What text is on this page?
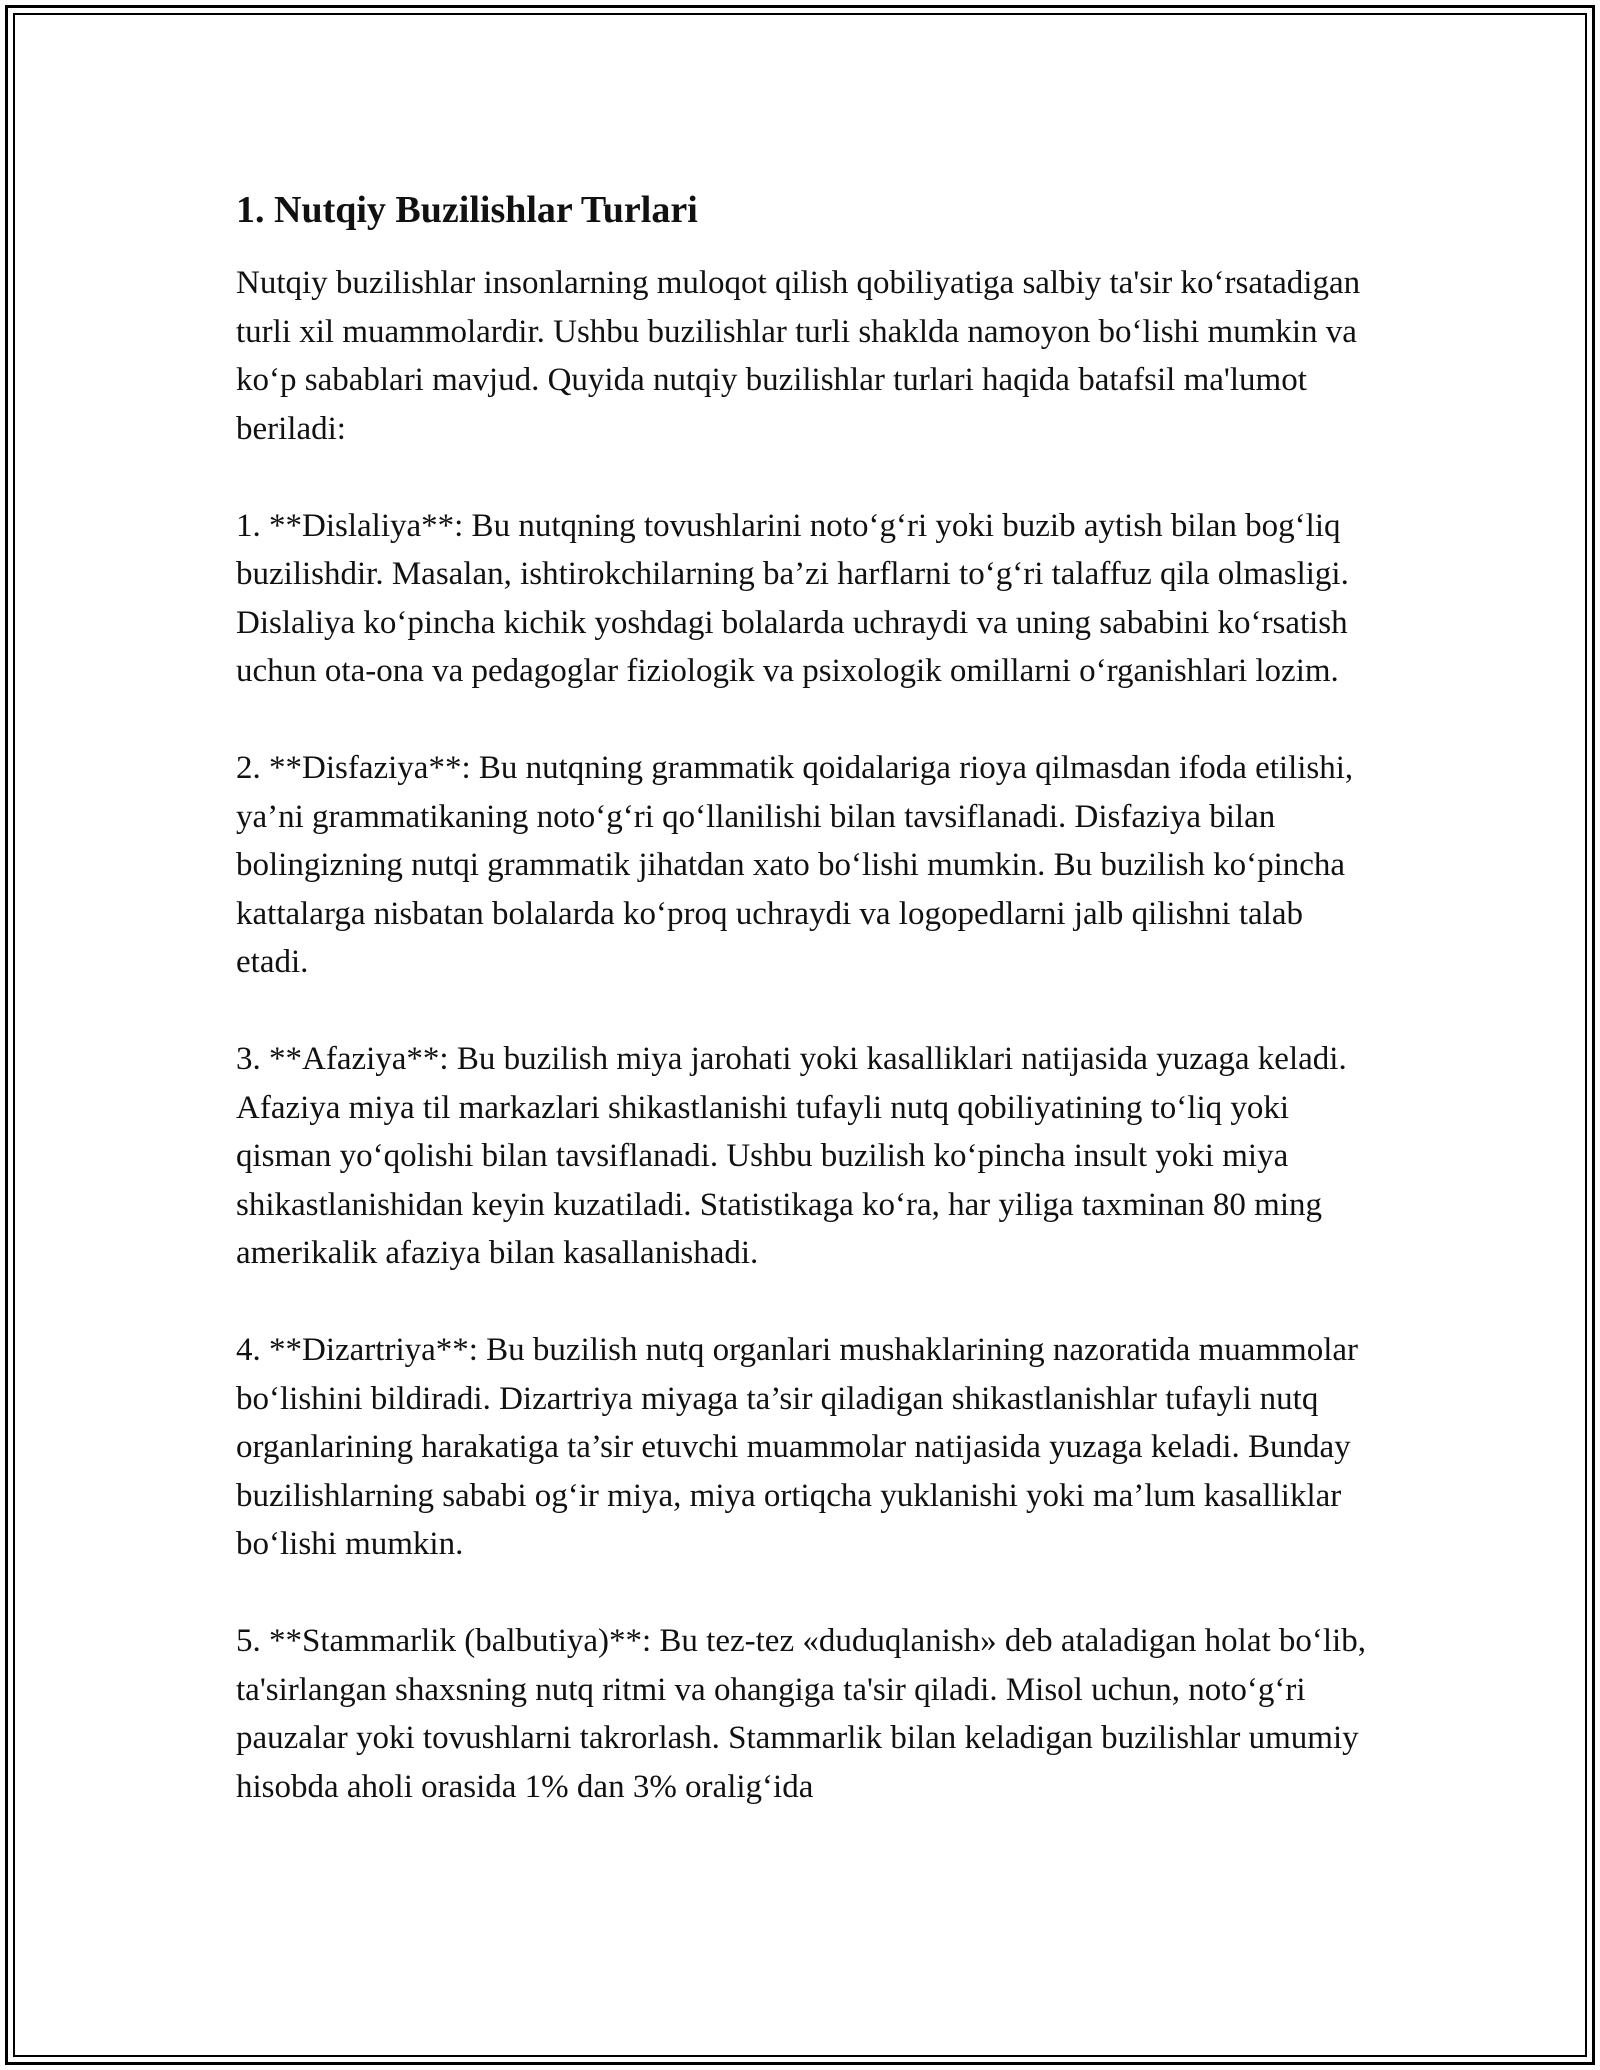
1. Nutqiy Buzilishlar Turlari

Nutqiy buzilishlar insonlarning muloqot qilish qobiliyatiga salbiy ta'sir ko‘rsatadigan turli xil muammolardir. Ushbu buzilishlar turli shaklda namoyon bo‘lishi mumkin va ko‘p sabablari mavjud. Quyida nutqiy buzilishlar turlari haqida batafsil ma'lumot beriladi:

1. **Dislaliya**: Bu nutqning tovushlarini noto‘g‘ri yoki buzib aytish bilan bog‘liq buzilishdir. Masalan, ishtirokchilarning ba’zi harflarni to‘g‘ri talaffuz qila olmasligi. Dislaliya ko‘pincha kichik yoshdagi bolalarda uchraydi va uning sababini ko‘rsatish uchun ota-ona va pedagoglar fiziologik va psixologik omillarni o‘rganishlari lozim.

2. **Disfaziya**: Bu nutqning grammatik qoidalariga rioya qilmasdan ifoda etilishi, ya’ni grammatikaning noto‘g‘ri qo‘llanilishi bilan tavsiflanadi. Disfaziya bilan bolingizning nutqi grammatik jihatdan xato bo‘lishi mumkin. Bu buzilish ko‘pincha kattalarga nisbatan bolalarda ko‘proq uchraydi va logopedlarni jalb qilishni talab etadi.

3. **Afaziya**: Bu buzilish miya jarohati yoki kasalliklari natijasida yuzaga keladi. Afaziya miya til markazlari shikastlanishi tufayli nutq qobiliyatining to‘liq yoki qisman yo‘qolishi bilan tavsiflanadi. Ushbu buzilish ko‘pincha insult yoki miya shikastlanishidan keyin kuzatiladi. Statistikaga ko‘ra, har yiliga taxminan 80 ming amerikalik afaziya bilan kasallanishadi.

4. **Dizartriya**: Bu buzilish nutq organlari mushaklarining nazoratida muammolar bo‘lishini bildiradi. Dizartriya miyaga ta’sir qiladigan shikastlanishlar tufayli nutq organlarining harakatiga ta’sir etuvchi muammolar natijasida yuzaga keladi. Bunday buzilishlarning sababi og‘ir miya, miya ortiqcha yuklanishi yoki ma’lum kasalliklar bo‘lishi mumkin.

5. **Stammarlik (balbutiya)**: Bu tez-tez «duduqlanish» deb ataladigan holat bo‘lib, ta'sirlangan shaxsning nutq ritmi va ohangiga ta'sir qiladi. Misol uchun, noto‘g‘ri pauzalar yoki tovushlarni takrorlash. Stammarlik bilan keladigan buzilishlar umumiy hisobda aholi orasida 1% dan 3% oralig‘ida
